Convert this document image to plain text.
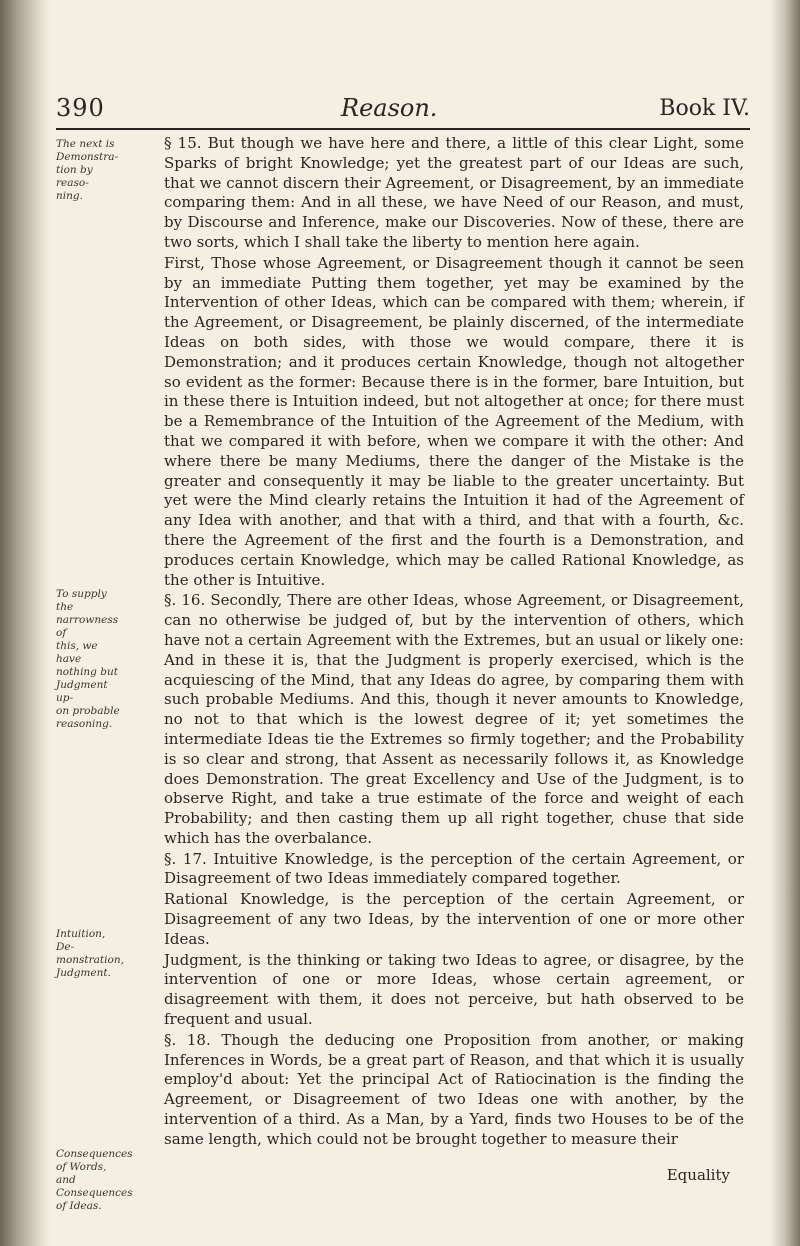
390	Reason.	Book IV.
The next is
Demonstra-
tion by reaso-
ning.
To supply the
narrowness of
this, we have
nothing but
Judgment up-
on probable
reasoning.
Intuition, De-
monstration,
Judgment.
Consequences
of Words, and
Consequences
of Ideas.

§ 15. But though we have here and there, a little of this clear Light, some Sparks of bright Knowledge; yet the greatest part of our Ideas are such, that we cannot discern their Agreement, or Disagreement, by an immediate comparing them: And in all these, we have Need of our Reason, and must, by Discourse and Inference, make our Discoveries. Now of these, there are two sorts, which I shall take the liberty to mention here again.

First, Those whose Agreement, or Disagreement though it cannot be seen by an immediate Putting them together, yet may be examined by the Intervention of other Ideas, which can be compared with them; wherein, if the Agreement, or Disagreement, be plainly discerned, of the intermediate Ideas on both sides, with those we would compare, there it is Demonstration; and it produces certain Knowledge, though not altogether so evident as the former: Because there is in the former, bare Intuition, but in these there is Intuition indeed, but not altogether at once; for there must be a Remembrance of the Intuition of the Agreement of the Medium, with that we compared it with before, when we compare it with the other: And where there be many Mediums, there the danger of the Mistake is the greater and consequently it may be liable to the greater uncertainty. But yet were the Mind clearly retains the Intuition it had of the Agreement of any Idea with another, and that with a third, and that with a fourth, &c. there the Agreement of the first and the fourth is a Demonstration, and produces certain Knowledge, which may be called Rational Knowledge, as the other is Intuitive.

§. 16. Secondly, There are other Ideas, whose Agreement, or Disagreement, can no otherwise be judged of, but by the intervention of others, which have not a certain Agreement with the Extremes, but an usual or likely one: And in these it is, that the Judgment is properly exercised, which is the acquiescing of the Mind, that any Ideas do agree, by comparing them with such probable Mediums. And this, though it never amounts to Knowledge, no not to that which is the lowest degree of it; yet sometimes the intermediate Ideas tie the Extremes so firmly together; and the Probability is so clear and strong, that Assent as necessarily follows it, as Knowledge does Demonstration. The great Excellency and Use of the Judgment, is to observe Right, and take a true estimate of the force and weight of each Probability; and then casting them up all right together, chuse that side which has the overbalance.

§. 17. Intuitive Knowledge, is the perception of the certain Agreement, or Disagreement of two Ideas immediately compared together.

Rational Knowledge, is the perception of the certain Agreement, or Disagreement of any two Ideas, by the intervention of one or more other Ideas.

Judgment, is the thinking or taking two Ideas to agree, or disagree, by the intervention of one or more Ideas, whose certain agreement, or disagreement with them, it does not perceive, but hath observed to be frequent and usual.

§. 18. Though the deducing one Proposition from another, or making Inferences in Words, be a great part of Reason, and that which it is usually employ'd about: Yet the principal Act of Ratiocination is the finding the Agreement, or Disagreement of two Ideas one with another, by the intervention of a third. As a Man, by a Yard, finds two Houses to be of the same length, which could not be brought together to measure their

Equality
